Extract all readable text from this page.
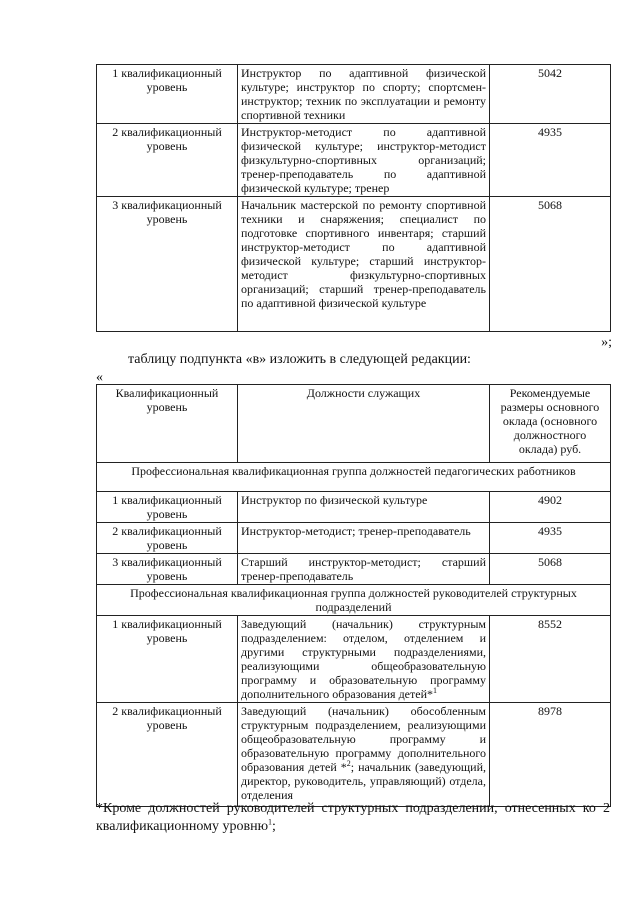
1 квалификационный уровень	Инструктор по адаптивной физической культуре; инструктор по спорту; спортсмен-инструктор; техник по эксплуатации и ремонту спортивной техники	5042
2 квалификационный уровень	Инструктор-методист по адаптивной физической культуре; инструктор-методист физкультурно-спортивных организаций; тренер-преподаватель по адаптивной физической культуре; тренер	4935
3 квалификационный уровень	Начальник мастерской по ремонту спортивной техники и снаряжения; специалист по подготовке спортивного инвентаря; старший инструктор-методист по адаптивной физической культуре; старший инструктор-методист физкультурно-спортивных организаций; старший тренер-преподаватель по адаптивной физической культуре	5068
»;
таблицу подпункта «в» изложить в следующей редакции:
«
Квалификационный уровень	Должности служащих	Рекомендуемые размеры основного оклада (основного должностного оклада) руб.
Профессиональная квалификационная группа должностей педагогических работников		
1 квалификационный уровень	Инструктор по физической культуре	4902
2 квалификационный уровень	Инструктор-методист; тренер-преподаватель	4935
3 квалификационный уровень	Старший инструктор-методист; старший тренер-преподаватель	5068
Профессиональная квалификационная группа должностей руководителей структурных подразделений		
1 квалификационный уровень	Заведующий (начальник) структурным подразделением: отделом, отделением и другими структурными подразделениями, реализующими общеобразовательную программу и образовательную программу дополнительного образования детей*$^1$	8552
2 квалификационный уровень	Заведующий (начальник) обособленным структурным подразделением, реализующими общеобразовательную программу и образовательную программу дополнительного образования детей *$^2$; начальник (заведующий, директор, руководитель, управляющий) отдела, отделения	8978
*Кроме должностей руководителей структурных подразделении, отнесенных ко 2 квалификационному уровню$^1$;
